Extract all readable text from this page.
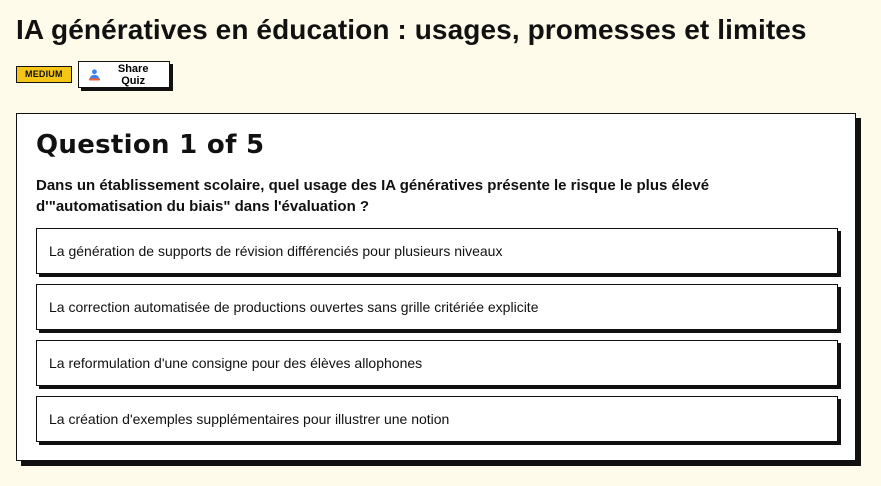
IA génératives en éducation : usages, promesses et limites
MEDIUM	Share Quiz
Question 1 of 5

Dans un établissement scolaire, quel usage des IA génératives présente le risque le plus élevé d'"automatisation du biais" dans l'évaluation ?

La génération de supports de révision différenciés pour plusieurs niveaux
La correction automatisée de productions ouvertes sans grille critériée explicite
La reformulation d'une consigne pour des élèves allophones
La création d'exemples supplémentaires pour illustrer une notion
